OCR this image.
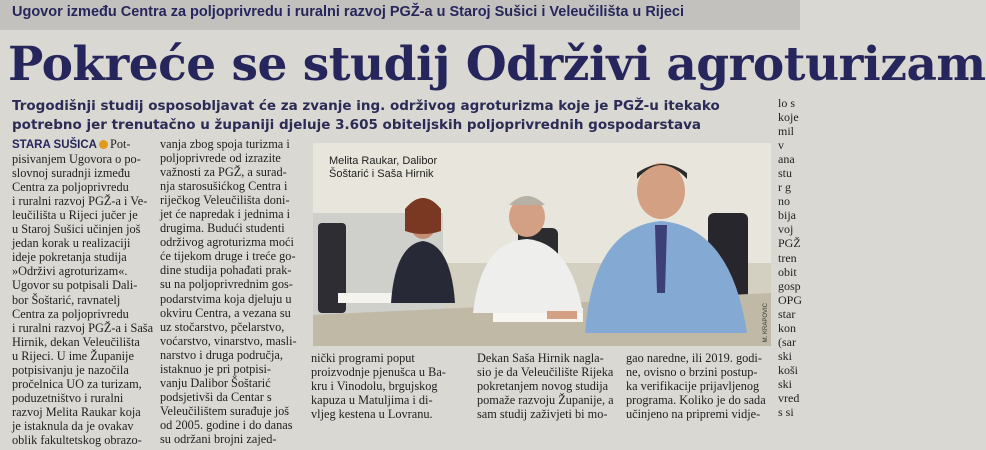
Ugovor između Centra za poljoprivredu i ruralni razvoj PGŽ-a u Staroj Sušici i Veleučilišta u Rijeci
Pokreće se studij Održivi agroturizam
Trogodišnji studij osposobljavat će za zvanje ing. održivog agroturizma koje je PGŽ-u itekako
potrebno jer trenutačno u županiji djeluje 3.605 obiteljskih poljoprivrednih gospodarstava
STARA SUŠICA Pot-
pisivanjem Ugovora o po-
slovnoj suradnji između
Centra za poljoprivredu
i ruralni razvoj PGŽ-a i Ve-
leučilišta u Rijeci jučer je
u Staroj Sušici učinjen još
jedan korak u realizaciji
ideje pokretanja studija
»Održivi agroturizam«.
Ugovor su potpisali Dali-
bor Šoštarić, ravnatelj
Centra za poljoprivredu
i ruralni razvoj PGŽ-a i Saša
Hirnik, dekan Veleučilišta
u Rijeci. U ime Županije
potpisivanju je nazočila
pročelnica UO za turizam,
poduzetništvo i ruralni
razvoj Melita Raukar koja
je istaknula da je ovakav
oblik fakultetskog obrazo-
vanja zbog spoja turizma i
poljoprivrede od izrazite
važnosti za PGŽ, a surad-
nja starosušićkog Centra i
riječkog Veleučilišta doni-
jet će napredak i jednima i
drugima. Budući studenti
održivog agroturizma moći
će tijekom druge i treće go-
dine studija pohađati prak-
su na poljoprivrednim gos-
podarstvima koja djeluju u
okviru Centra, a vezana su
uz stočarstvo, pčelarstvo,
voćarstvo, vinarstvo, masli-
narstvo i druga područja,
istaknuo je pri potpisi-
vanju Dalibor Šoštarić
podsjetivši da Centar s
Veleučilištem surađuje još
od 2005. godine i do danas
su održani brojni zajed-
Melita Raukar, Dalibor
Šoštarić i Saša Hirnik
M. KRAPOVIĆ
nički programi poput
proizvodnje pjenušca u Ba-
kru i Vinodolu, brgujskog
kapuza u Matuljima i di-
vljeg kestena u Lovranu.
Dekan Saša Hirnik nagla-
sio je da Veleučilište Rijeka
pokretanjem novog studija
pomaže razvoju Županije, a
sam studij zaživjeti bi mo-
gao naredne, ili 2019. godi-
ne, ovisno o brzini postup-
ka verifikacije prijavljenog
programa. Koliko je do sada
učinjeno na pripremi vidje-
lo s
koje
mil
v
ana
stu
r g
no
bija
voj
PGŽ
tren
obit
gosp
OPG
star
kon
(sar
ski
koši
ski
vred
s si
